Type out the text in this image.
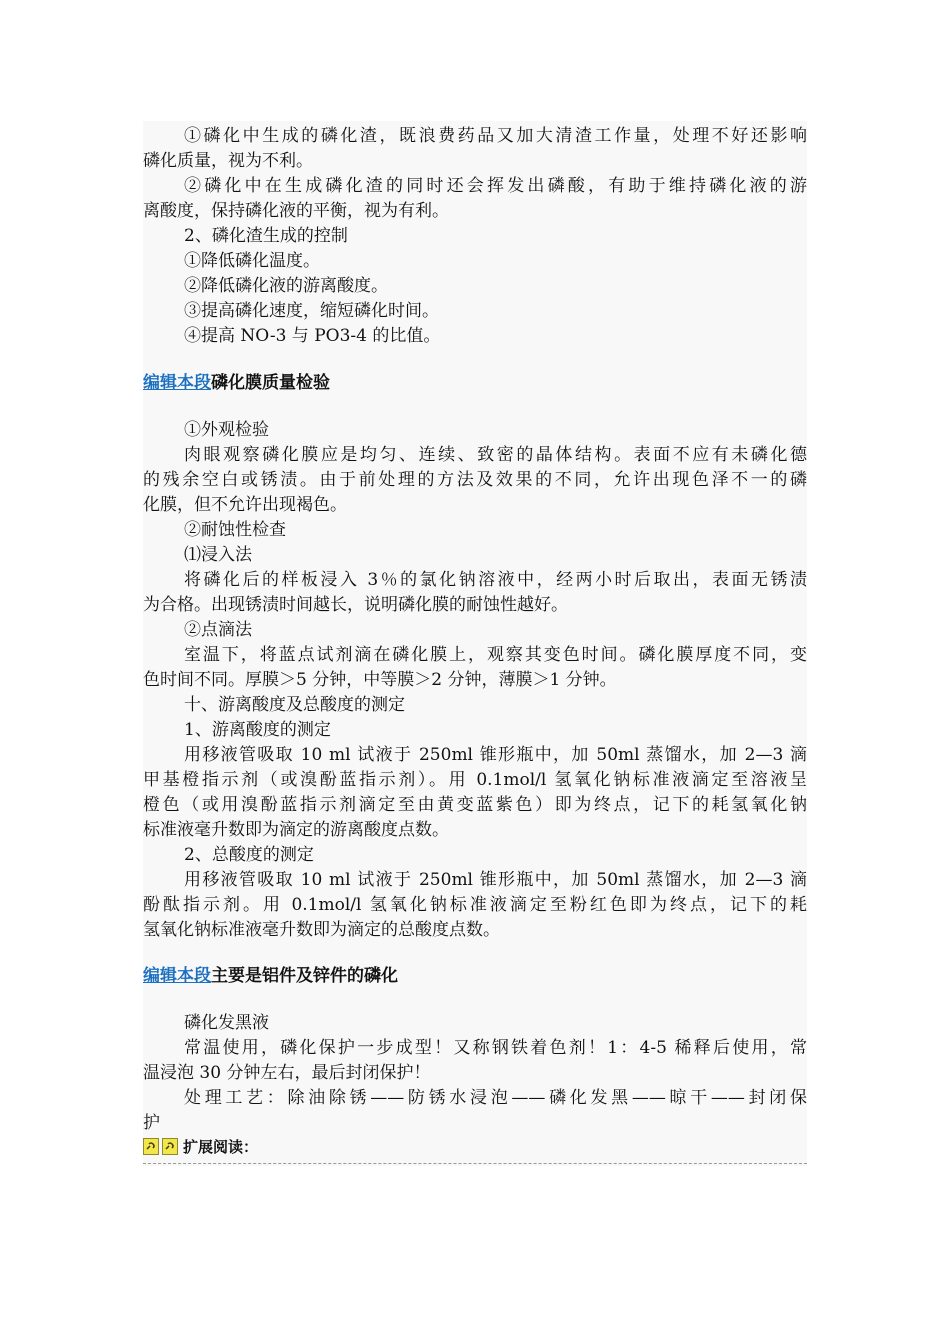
①磷化中生成的磷化渣，既浪费药品又加大清渣工作量，处理不好还影响

磷化质量，视为不利。

②磷化中在生成磷化渣的同时还会挥发出磷酸，有助于维持磷化液的游

离酸度，保持磷化液的平衡，视为有利。

2、磷化渣生成的控制

①降低磷化温度。

②降低磷化液的游离酸度。

③提高磷化速度，缩短磷化时间。

④提高 NO-3 与 PO3-4 的比值。

编辑本段磷化膜质量检验

①外观检验

肉眼观察磷化膜应是均匀、连续、致密的晶体结构。表面不应有未磷化德

的残余空白或锈渍。由于前处理的方法及效果的不同，允许出现色泽不一的磷

化膜，但不允许出现褐色。

②耐蚀性检查

⑴浸入法

将磷化后的样板浸入 3％的氯化钠溶液中，经两小时后取出，表面无锈渍

为合格。出现锈渍时间越长，说明磷化膜的耐蚀性越好。

②点滴法

室温下，将蓝点试剂滴在磷化膜上，观察其变色时间。磷化膜厚度不同，变

色时间不同。厚膜＞5 分钟，中等膜＞2 分钟，薄膜＞1 分钟。

十、游离酸度及总酸度的测定

1、游离酸度的测定

用移液管吸取 10 ml 试液于 250ml 锥形瓶中，加 50ml 蒸馏水，加 2—3 滴

甲基橙指示剂（或溴酚蓝指示剂）。用 0.1mol/l 氢氧化钠标准液滴定至溶液呈

橙色（或用溴酚蓝指示剂滴定至由黄变蓝紫色）即为终点，记下的耗氢氧化钠

标准液毫升数即为滴定的游离酸度点数。

2、总酸度的测定

用移液管吸取 10 ml 试液于 250ml 锥形瓶中，加 50ml 蒸馏水，加 2—3 滴

酚酞指示剂。用 0.1mol/l 氢氧化钠标准液滴定至粉红色即为终点，记下的耗

氢氧化钠标准液毫升数即为滴定的总酸度点数。

编辑本段主要是铝件及锌件的磷化

磷化发黑液

常温使用，磷化保护一步成型！又称钢铁着色剂！1：4-5 稀释后使用，常

温浸泡 30 分钟左右，最后封闭保护！

处理工艺：除油除锈——防锈水浸泡——磷化发黑——晾干——封闭保

护

扩展阅读：
